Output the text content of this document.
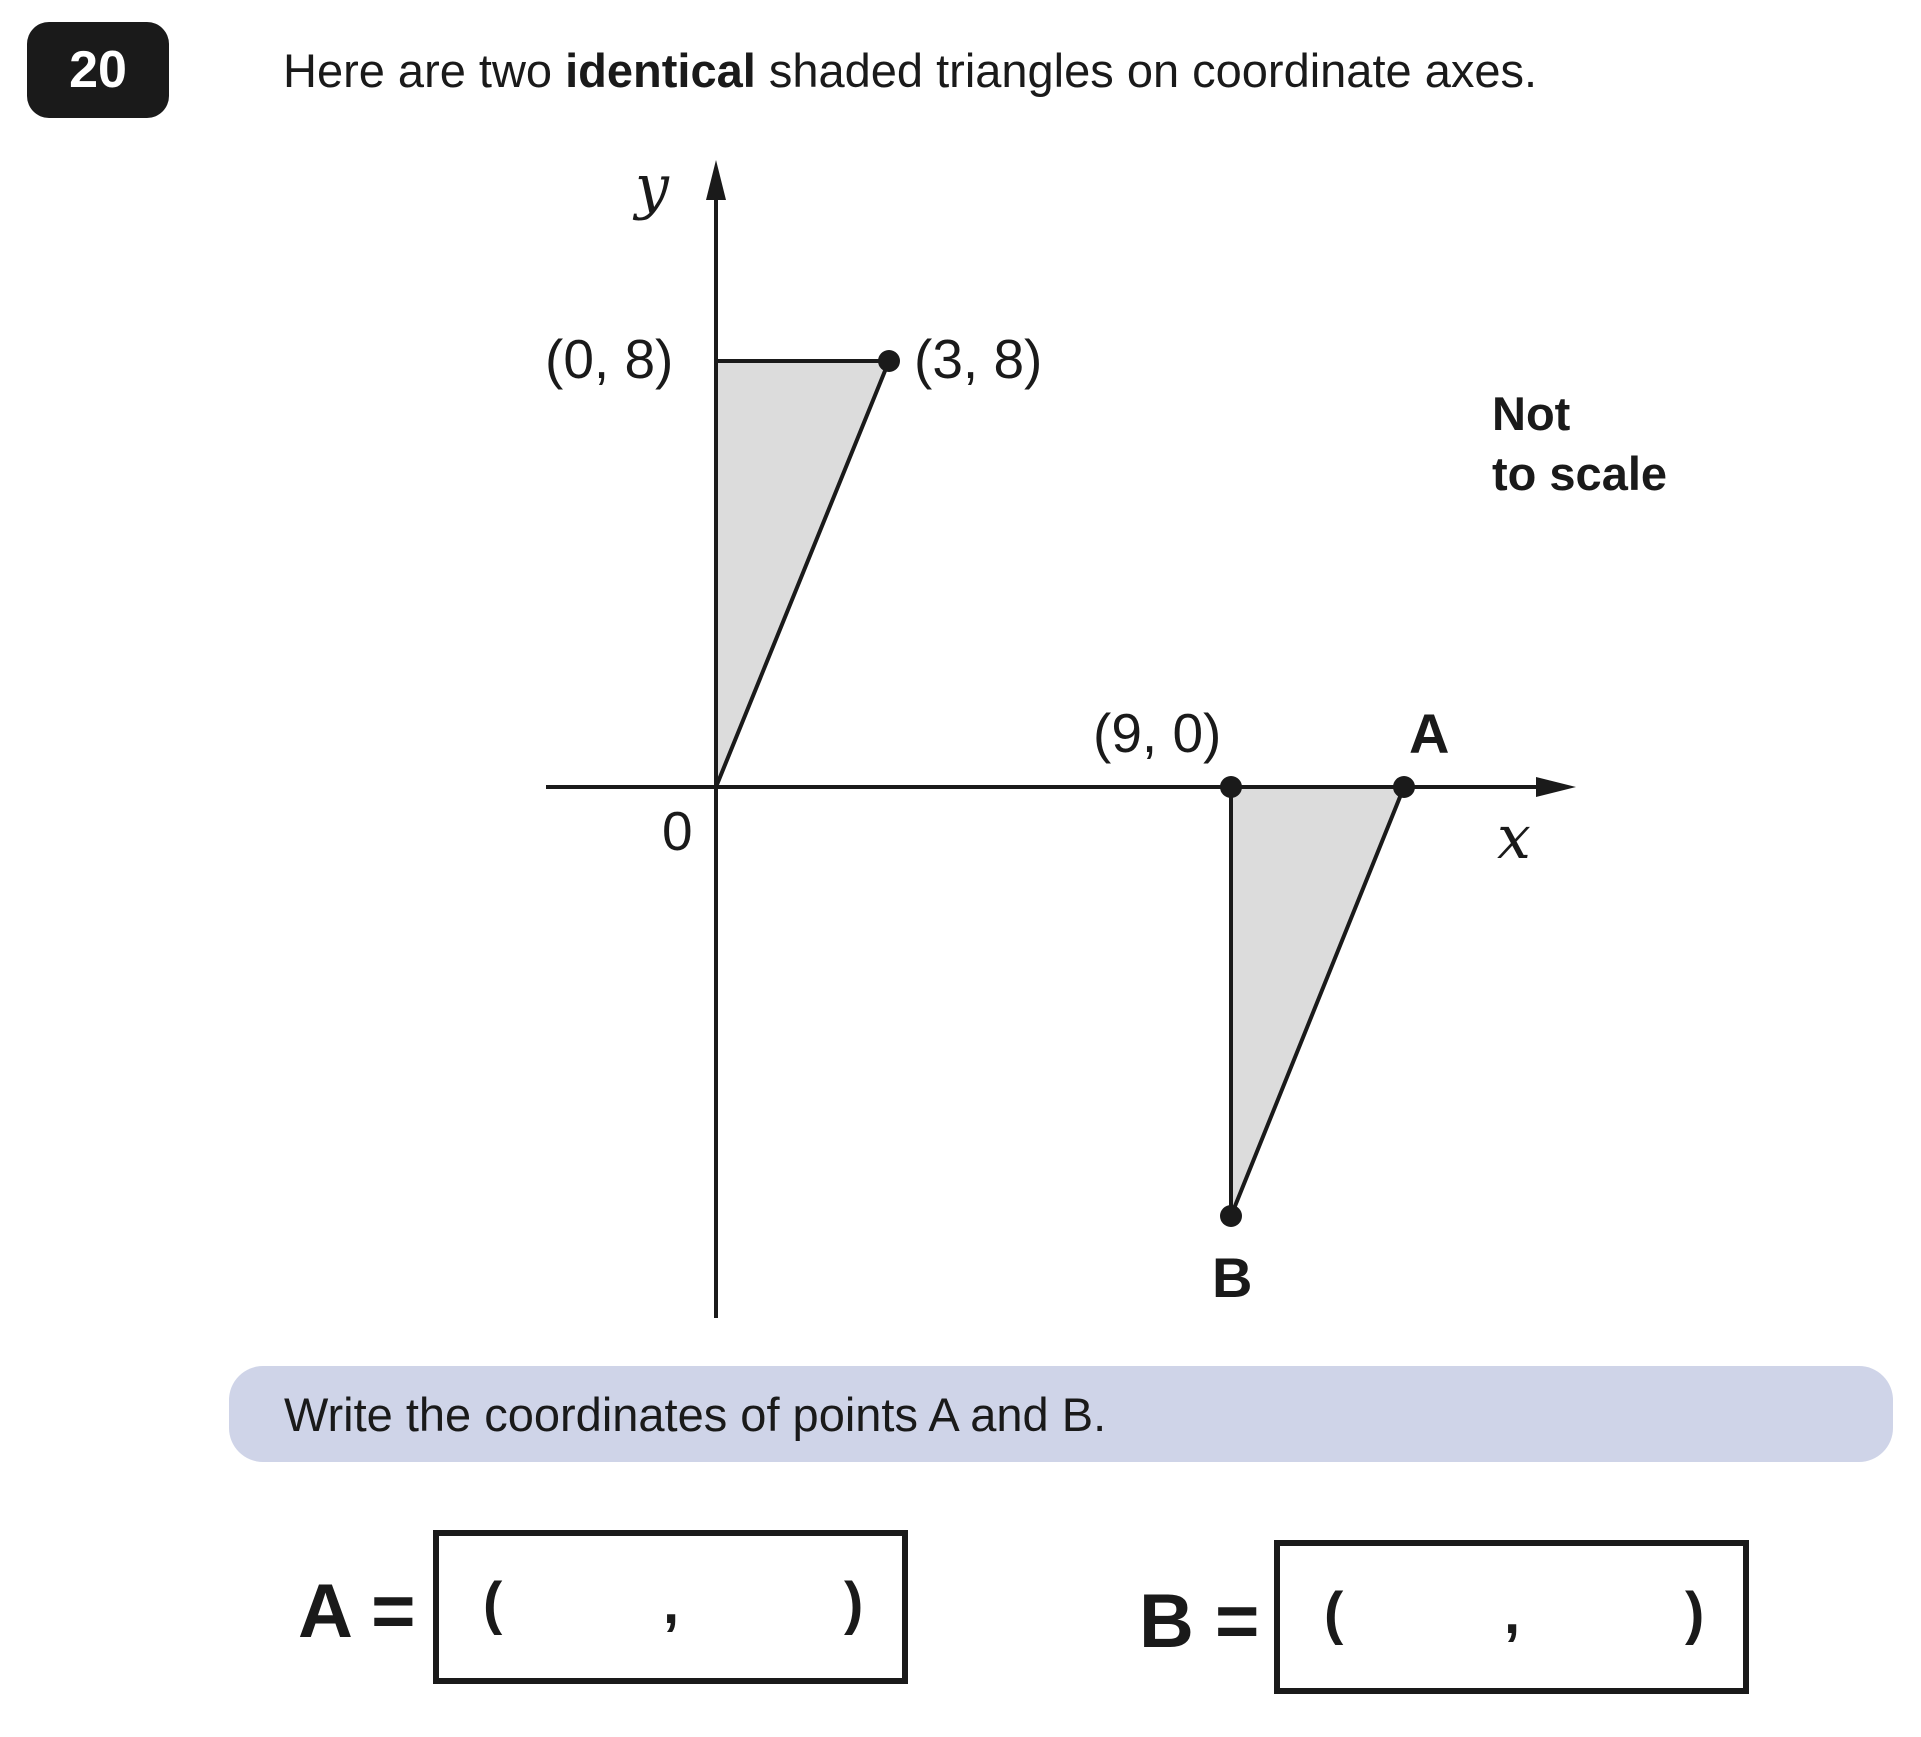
20	Here are two identical shaded triangles on coordinate axes.
y
x
0
(0, 8)	(3, 8)
(9, 0)	A
B
Not
to scale
Write the coordinates of points A and B.
A = (	,	)	B = (	,	)
